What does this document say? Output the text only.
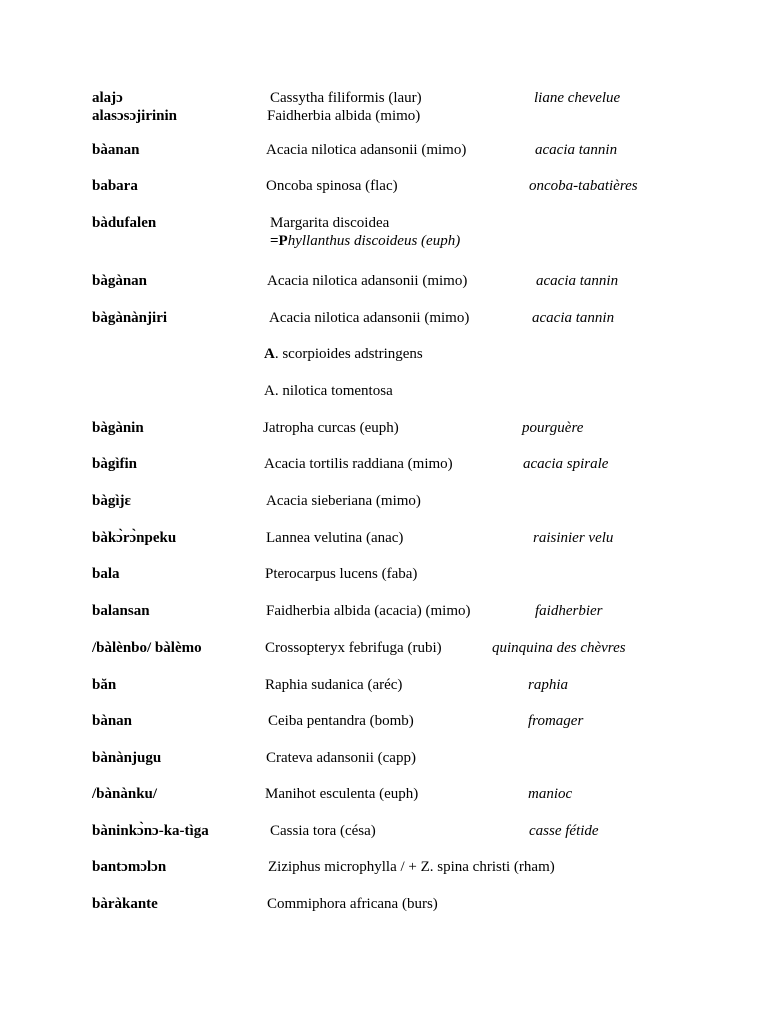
alajɔ	Cassytha filiformis (laur)	liane chevelue
alasɔsɔjirinin	Faidherbia albida (mimo)
bàanan	Acacia nilotica adansonii (mimo)	acacia tannin
babara	Oncoba spinosa (flac)	oncoba-tabatières
bàdufalen	Margarita discoidea
=Phyllanthus discoideus (euph)
bàgànan	Acacia nilotica adansonii (mimo)	acacia tannin
bàgànànjiri	Acacia nilotica adansonii (mimo)	acacia tannin
A. scorpioides adstringens
A. nilotica tomentosa
bàgànin	Jatropha curcas (euph)	pourguère
bàgìfin	Acacia tortilis raddiana (mimo)	acacia spirale
bàgìjɛ	Acacia sieberiana (mimo)
bàkɔ̀rɔ̀npeku	Lannea velutina (anac)	raisinier velu
bala	Pterocarpus lucens (faba)
balansan	Faidherbia albida (acacia) (mimo)	faidherbier
/bàlènbo/ bàlèmo	Crossopteryx febrifuga (rubi)	quinquina des chèvres
băn	Raphia sudanica (aréc)	raphia
bànan	Ceiba pentandra (bomb)	fromager
bànànjugu	Crateva adansonii (capp)
/bànànku/	Manihot esculenta (euph)	manioc
bàninkɔ̀nɔ-ka-tìga	Cassia tora (césa)	casse fétide
bantɔmɔlɔn	Ziziphus microphylla / + Z. spina christi (rham)
bàràkante	Commiphora africana (burs)
